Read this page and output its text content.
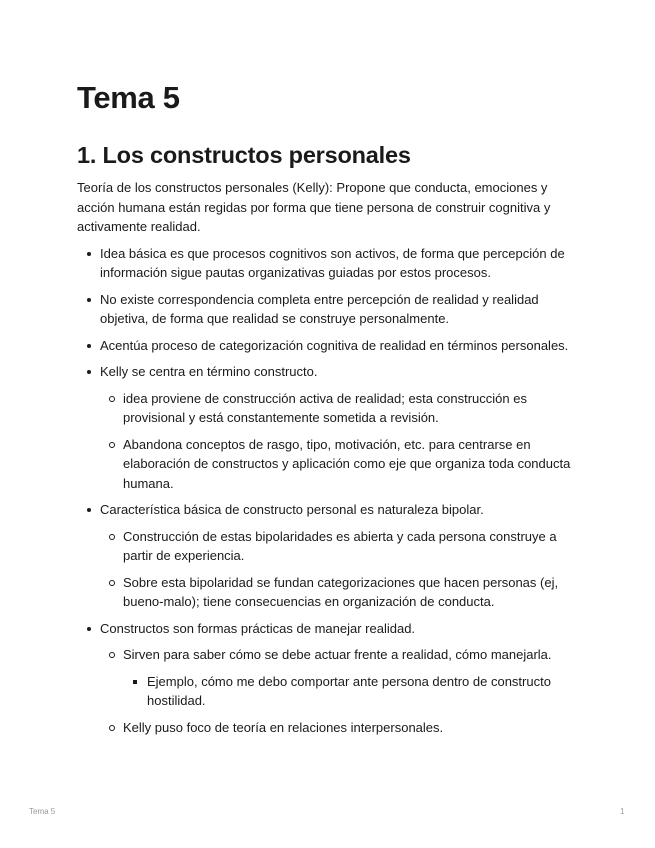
Tema 5
1. Los constructos personales

Teoría de los constructos personales (Kelly): Propone que conducta, emociones y acción humana están regidas por forma que tiene persona de construir cognitiva y activamente realidad.

Idea básica es que procesos cognitivos son activos, de forma que percepción de información sigue pautas organizativas guiadas por estos procesos.
No existe correspondencia completa entre percepción de realidad y realidad objetiva, de forma que realidad se construye personalmente.
Acentúa proceso de categorización cognitiva de realidad en términos personales.
Kelly se centra en término constructo.
idea proviene de construcción activa de realidad; esta construcción es provisional y está constantemente sometida a revisión.
Abandona conceptos de rasgo, tipo, motivación, etc. para centrarse en elaboración de constructos y aplicación como eje que organiza toda conducta humana.
Característica básica de constructo personal es naturaleza bipolar.
Construcción de estas bipolaridades es abierta y cada persona construye a partir de experiencia.
Sobre esta bipolaridad se fundan categorizaciones que hacen personas (ej, bueno-malo); tiene consecuencias en organización de conducta.
Constructos son formas prácticas de manejar realidad.
Sirven para saber cómo se debe actuar frente a realidad, cómo manejarla.
Ejemplo, cómo me debo comportar ante persona dentro de constructo hostilidad.
Kelly puso foco de teoría en relaciones interpersonales.
Tema 5	1
